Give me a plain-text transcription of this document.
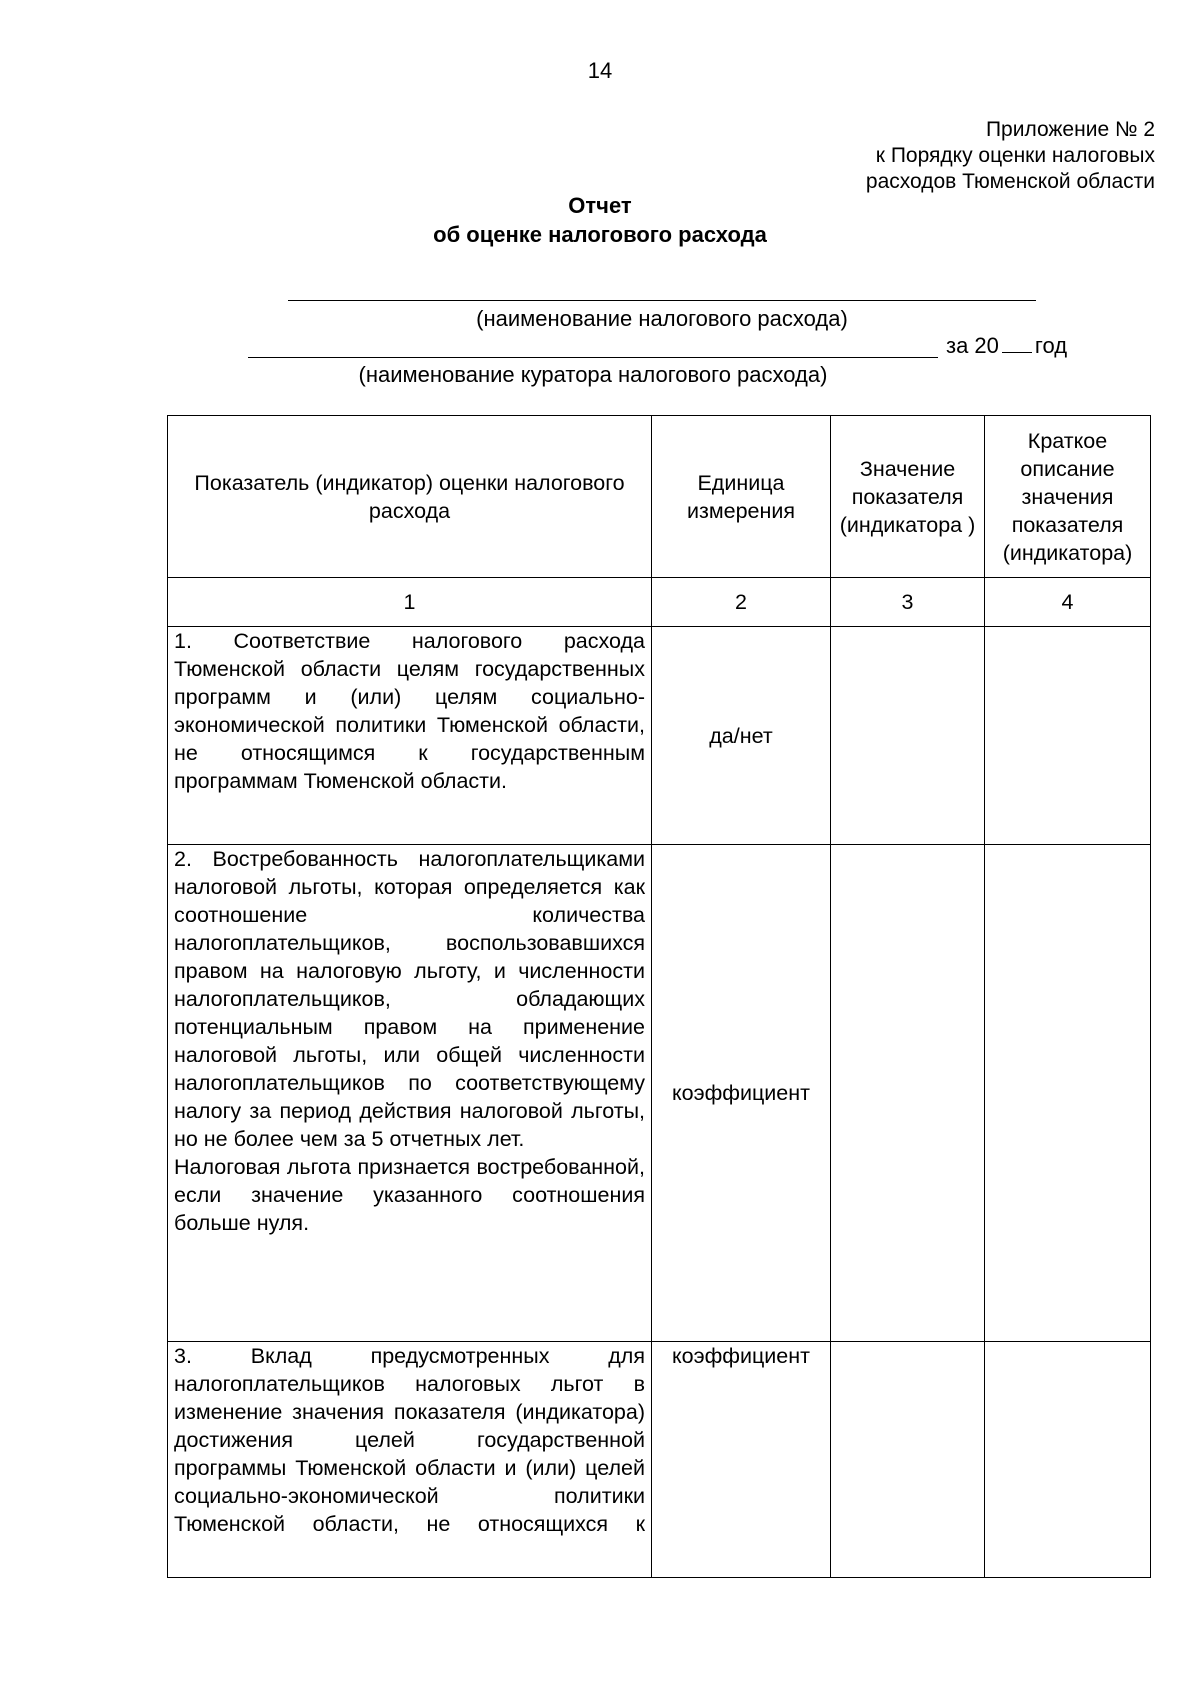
14
Приложение № 2
к Порядку оценки налоговых
расходов Тюменской области
Отчет
об оценке налогового расхода
(наименование налогового расхода)
за 20 год
(наименование куратора налогового расхода)
Показатель (индикатор) оценки налогового расхода	Единица измерения	Значение показателя (индикатора )	Краткое описание значения показателя (индикатора)
1	2	3	4

1. Соответствие налогового расхода Тюменской области целям государственных программ и (или) целям социально-экономической политики Тюменской области, не относящимся к государственным программам Тюменской области.	да/нет		

2. Востребованность налогоплательщиками налоговой льготы, которая определяется как соотношение количества налогоплательщиков, воспользовавшихся правом на налоговую льготу, и численности налогоплательщиков, обладающих потенциальным правом на применение налоговой льготы, или общей численности налогоплательщиков по соответствующему налогу за период действия налоговой льготы, но не более чем за 5 отчетных лет.
Налоговая льгота признается востребованной, если значение указанного соотношения больше нуля.	коэффициент		

3. Вклад предусмотренных для налогоплательщиков налоговых льгот в изменение значения показателя (индикатора) достижения целей государственной программы Тюменской области и (или) целей социально-экономической политики Тюменской области, не относящихся к	коэффициент		
